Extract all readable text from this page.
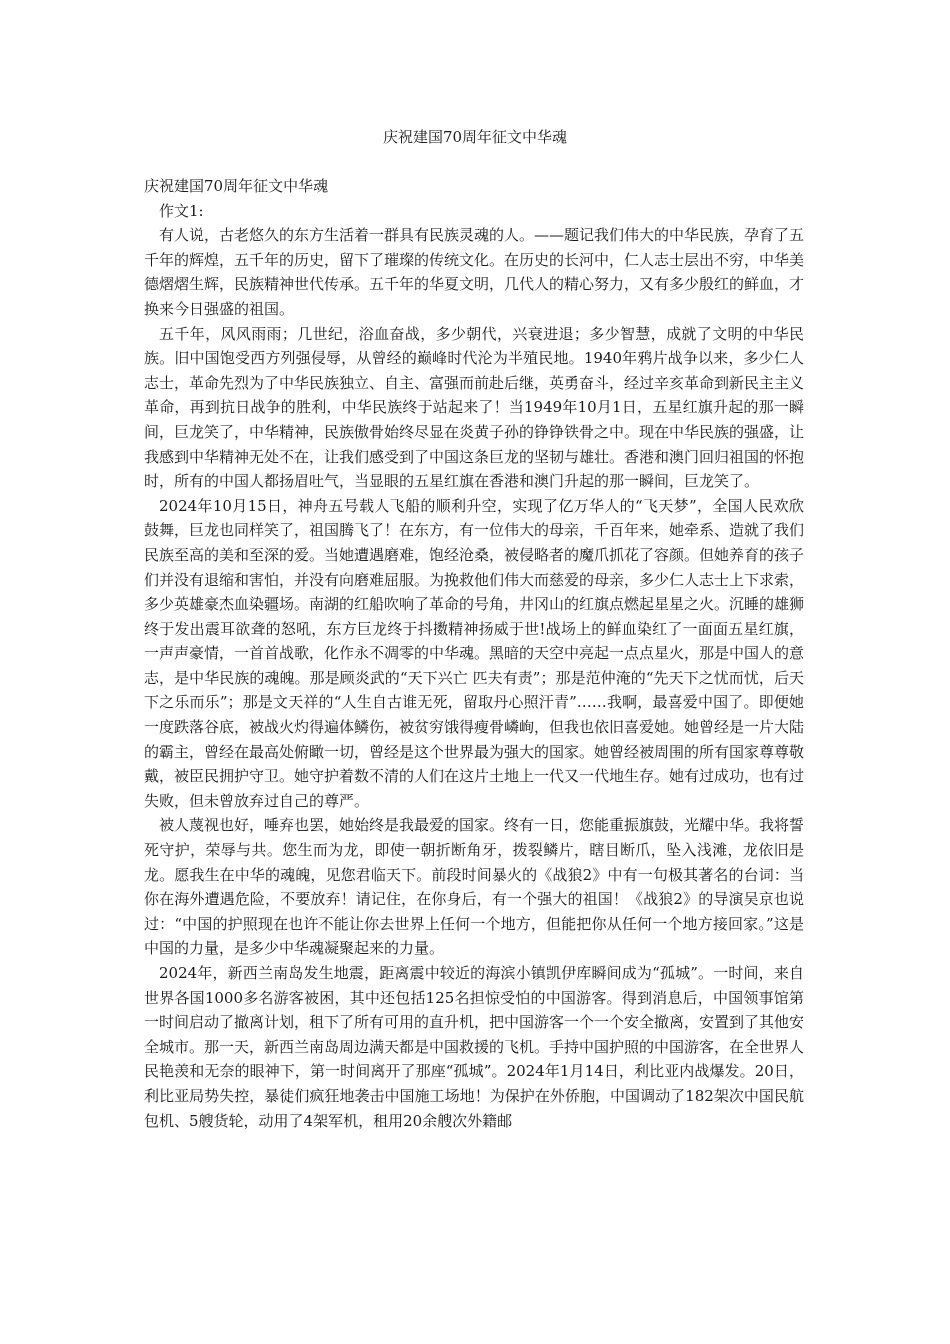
庆祝建国70周年征文中华魂

庆祝建国70周年征文中华魂

作文1:

有人说，古老悠久的东方生活着一群具有民族灵魂的人。——题记我们伟大的中华民族，孕育了五千年的辉煌，五千年的历史，留下了璀璨的传统文化。在历史的长河中，仁人志士层出不穷，中华美德熠熠生辉，民族精神世代传承。五千年的华夏文明，几代人的精心努力，又有多少殷红的鲜血，才换来今日强盛的祖国。

五千年，风风雨雨；几世纪，浴血奋战，多少朝代，兴衰进退；多少智慧，成就了文明的中华民族。旧中国饱受西方列强侵辱，从曾经的巅峰时代沦为半殖民地。1940年鸦片战争以来，多少仁人志士，革命先烈为了中华民族独立、自主、富强而前赴后继，英勇奋斗，经过辛亥革命到新民主主义革命，再到抗日战争的胜利，中华民族终于站起来了！当1949年10月1日，五星红旗升起的那一瞬间，巨龙笑了，中华精神，民族傲骨始终尽显在炎黄子孙的铮铮铁骨之中。现在中华民族的强盛，让我感到中华精神无处不在，让我们感受到了中国这条巨龙的坚韧与雄壮。香港和澳门回归祖国的怀抱时，所有的中国人都扬眉吐气，当显眼的五星红旗在香港和澳门升起的那一瞬间，巨龙笑了。

2024年10月15日，神舟五号载人飞船的顺利升空，实现了亿万华人的“飞天梦”，全国人民欢欣鼓舞，巨龙也同样笑了，祖国腾飞了！在东方，有一位伟大的母亲，千百年来，她牵系、造就了我们民族至高的美和至深的爱。当她遭遇磨难，饱经沧桑，被侵略者的魔爪抓花了容颜。但她养育的孩子们并没有退缩和害怕，并没有向磨难屈服。为挽救他们伟大而慈爱的母亲，多少仁人志士上下求索，多少英雄豪杰血染疆场。南湖的红船吹响了革命的号角，井冈山的红旗点燃起星星之火。沉睡的雄狮终于发出震耳欲聋的怒吼，东方巨龙终于抖擞精神扬威于世!战场上的鲜血染红了一面面五星红旗，一声声豪情，一首首战歌，化作永不凋零的中华魂。黑暗的天空中亮起一点点星火，那是中国人的意志，是中华民族的魂魄。那是顾炎武的“天下兴亡 匹夫有责”；那是范仲淹的“先天下之忧而忧，后天下之乐而乐”；那是文天祥的“人生自古谁无死，留取丹心照汗青”……我啊，最喜爱中国了。即便她一度跌落谷底，被战火灼得遍体鳞伤，被贫穷饿得瘦骨嶙峋，但我也依旧喜爱她。她曾经是一片大陆的霸主，曾经在最高处俯瞰一切，曾经是这个世界最为强大的国家。她曾经被周围的所有国家尊尊敬戴，被臣民拥护守卫。她守护着数不清的人们在这片土地上一代又一代地生存。她有过成功，也有过失败，但未曾放弃过自己的尊严。

被人蔑视也好，唾弃也罢，她始终是我最爱的国家。终有一日，您能重振旗鼓，光耀中华。我将誓死守护，荣辱与共。您生而为龙，即使一朝折断角牙，拨裂鳞片，瞎目断爪，坠入浅滩，龙依旧是龙。愿我生在中华的魂魄，见您君临天下。前段时间暴火的《战狼2》中有一句极其著名的台词：当你在海外遭遇危险，不要放弃！请记住，在你身后，有一个强大的祖国！《战狼2》的导演吴京也说过：“中国的护照现在也许不能让你去世界上任何一个地方，但能把你从任何一个地方接回家。”这是中国的力量，是多少中华魂凝聚起来的力量。

2024年，新西兰南岛发生地震，距离震中较近的海滨小镇凯伊库瞬间成为“孤城”。一时间，来自世界各国1000多名游客被困，其中还包括125名担惊受怕的中国游客。得到消息后，中国领事馆第一时间启动了撤离计划，租下了所有可用的直升机，把中国游客一个一个安全撤离，安置到了其他安全城市。那一天，新西兰南岛周边满天都是中国救援的飞机。手持中国护照的中国游客，在全世界人民艳羡和无奈的眼神下，第一时间离开了那座“孤城”。2024年1月14日，利比亚内战爆发。20日，利比亚局势失控，暴徒们疯狂地袭击中国施工场地！为保护在外侨胞，中国调动了182架次中国民航包机、5艘货轮，动用了4架军机，租用20余艘次外籍邮
